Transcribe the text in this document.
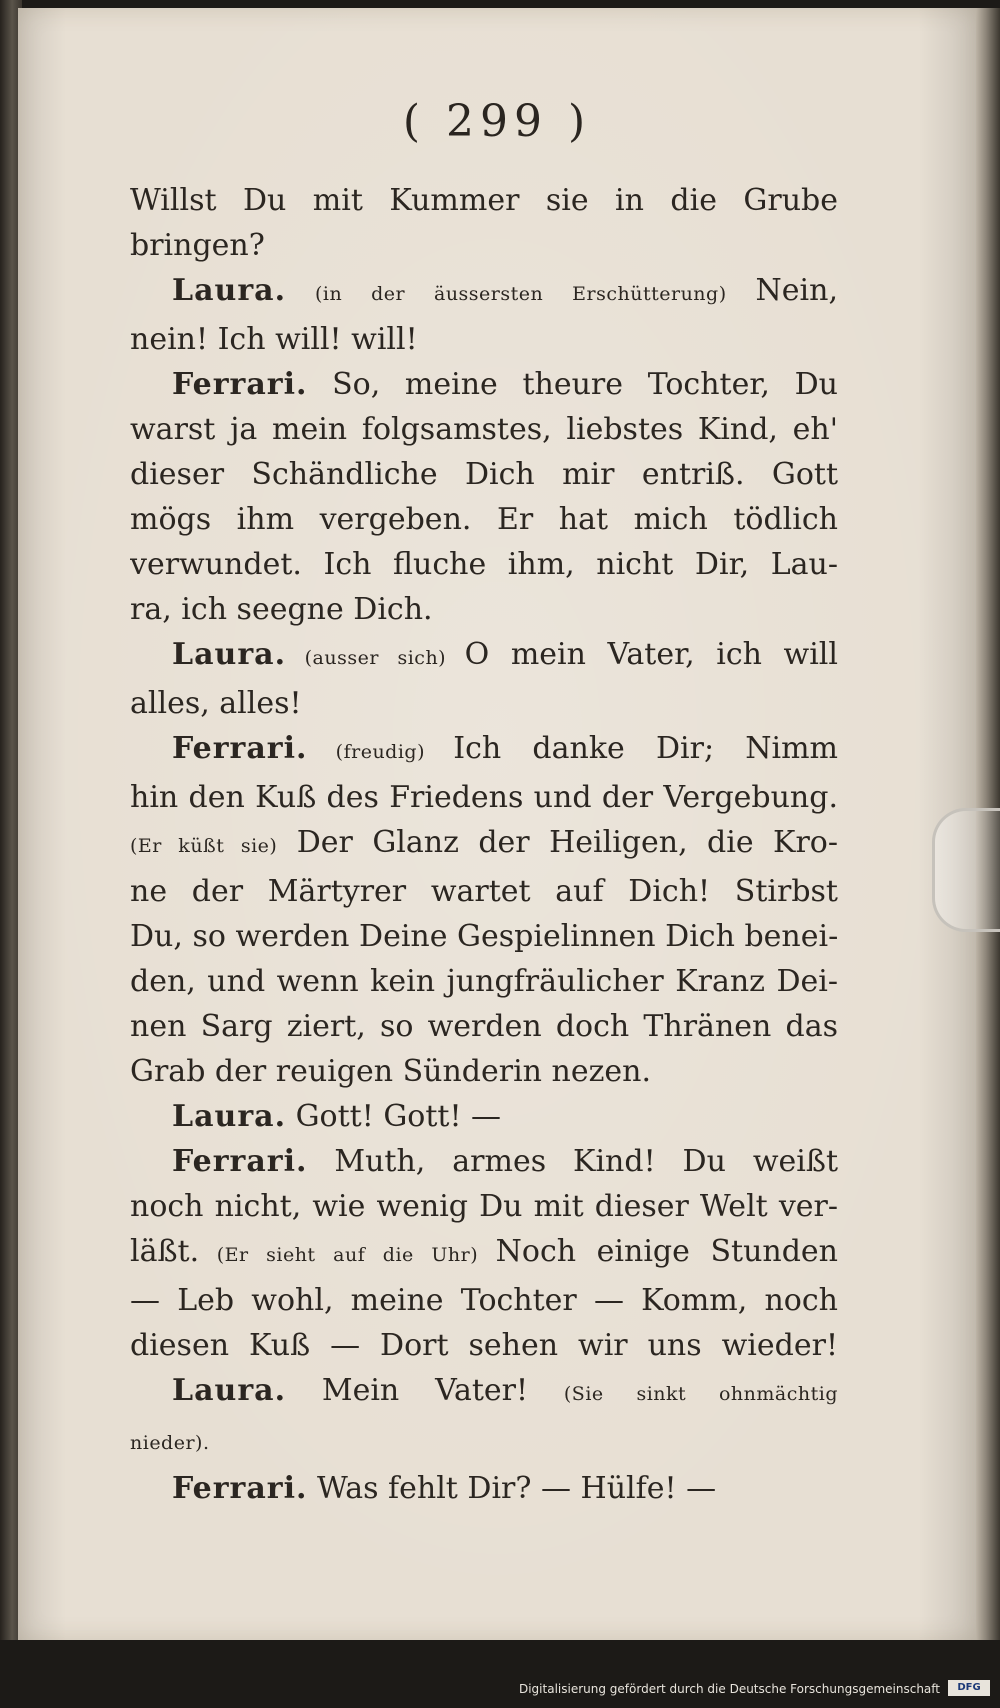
( 299 )

Willst Du mit Kummer sie in die Grube

bringen?

Laura. (in der äussersten Erschütterung) Nein,

nein! Ich will! will!

Ferrari. So, meine theure Tochter, Du

warst ja mein folgsamstes, liebstes Kind, eh'

dieser Schändliche Dich mir entriß. Gott

mögs ihm vergeben. Er hat mich tödlich

verwundet. Ich fluche ihm, nicht Dir, Lau-

ra, ich seegne Dich.

Laura. (ausser sich) O mein Vater, ich will

alles, alles!

Ferrari. (freudig) Ich danke Dir; Nimm

hin den Kuß des Friedens und der Vergebung.

(Er küßt sie) Der Glanz der Heiligen, die Kro-

ne der Märtyrer wartet auf Dich! Stirbst

Du, so werden Deine Gespielinnen Dich benei-

den, und wenn kein jungfräulicher Kranz Dei-

nen Sarg ziert, so werden doch Thränen das

Grab der reuigen Sünderin nezen.

Laura. Gott! Gott! —

Ferrari. Muth, armes Kind! Du weißt

noch nicht, wie wenig Du mit dieser Welt ver-

läßt. (Er sieht auf die Uhr) Noch einige Stunden

— Leb wohl, meine Tochter — Komm, noch

diesen Kuß — Dort sehen wir uns wieder!

Laura. Mein Vater! (Sie sinkt ohnmächtig

nieder).

Ferrari. Was fehlt Dir? — Hülfe! —

Digitalisierung gefördert durch die Deutsche Forschungsgemeinschaft	DFG
